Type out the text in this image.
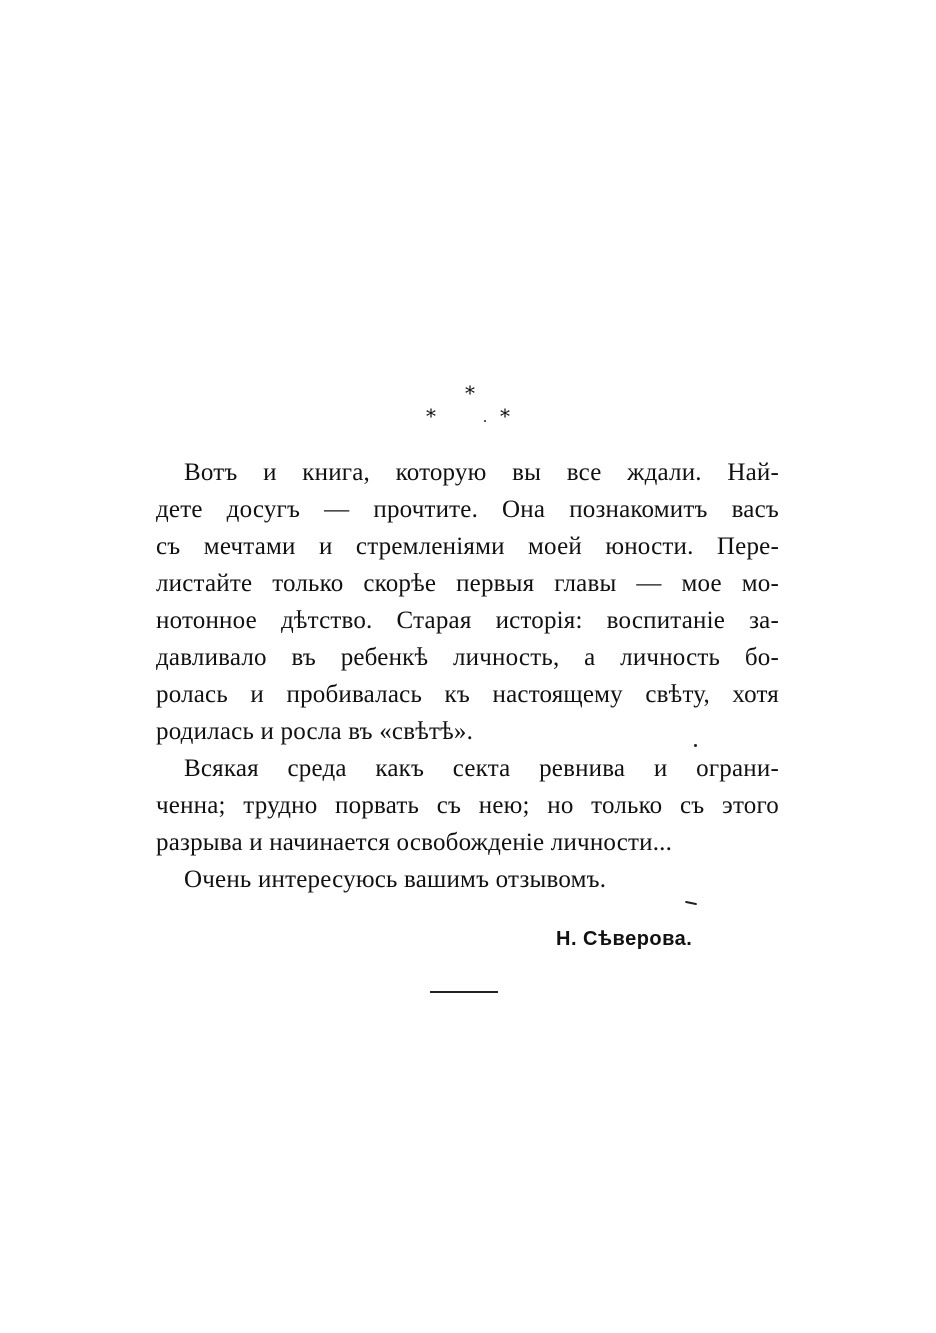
*
*	*
Вотъ и книга, которую вы все ждали. Най-
дете досугъ — прочтите. Она познакомитъ васъ
съ мечтами и стремленіями моей юности. Пере-
листайте только скорѣе первыя главы — мое мо-
нотонное дѣтство. Старая исторія: воспитаніе за-
давливало въ ребенкѣ личность, а личность бо-
ролась и пробивалась къ настоящему свѣту, хотя
родилась и росла въ «свѣтѣ».
Всякая среда какъ секта ревнива и ограни-
ченна; трудно порвать съ нею; но только съ этого
разрыва и начинается освобожденіе личности...
Очень интересуюсь вашимъ отзывомъ.
Н. Сѣверова.
